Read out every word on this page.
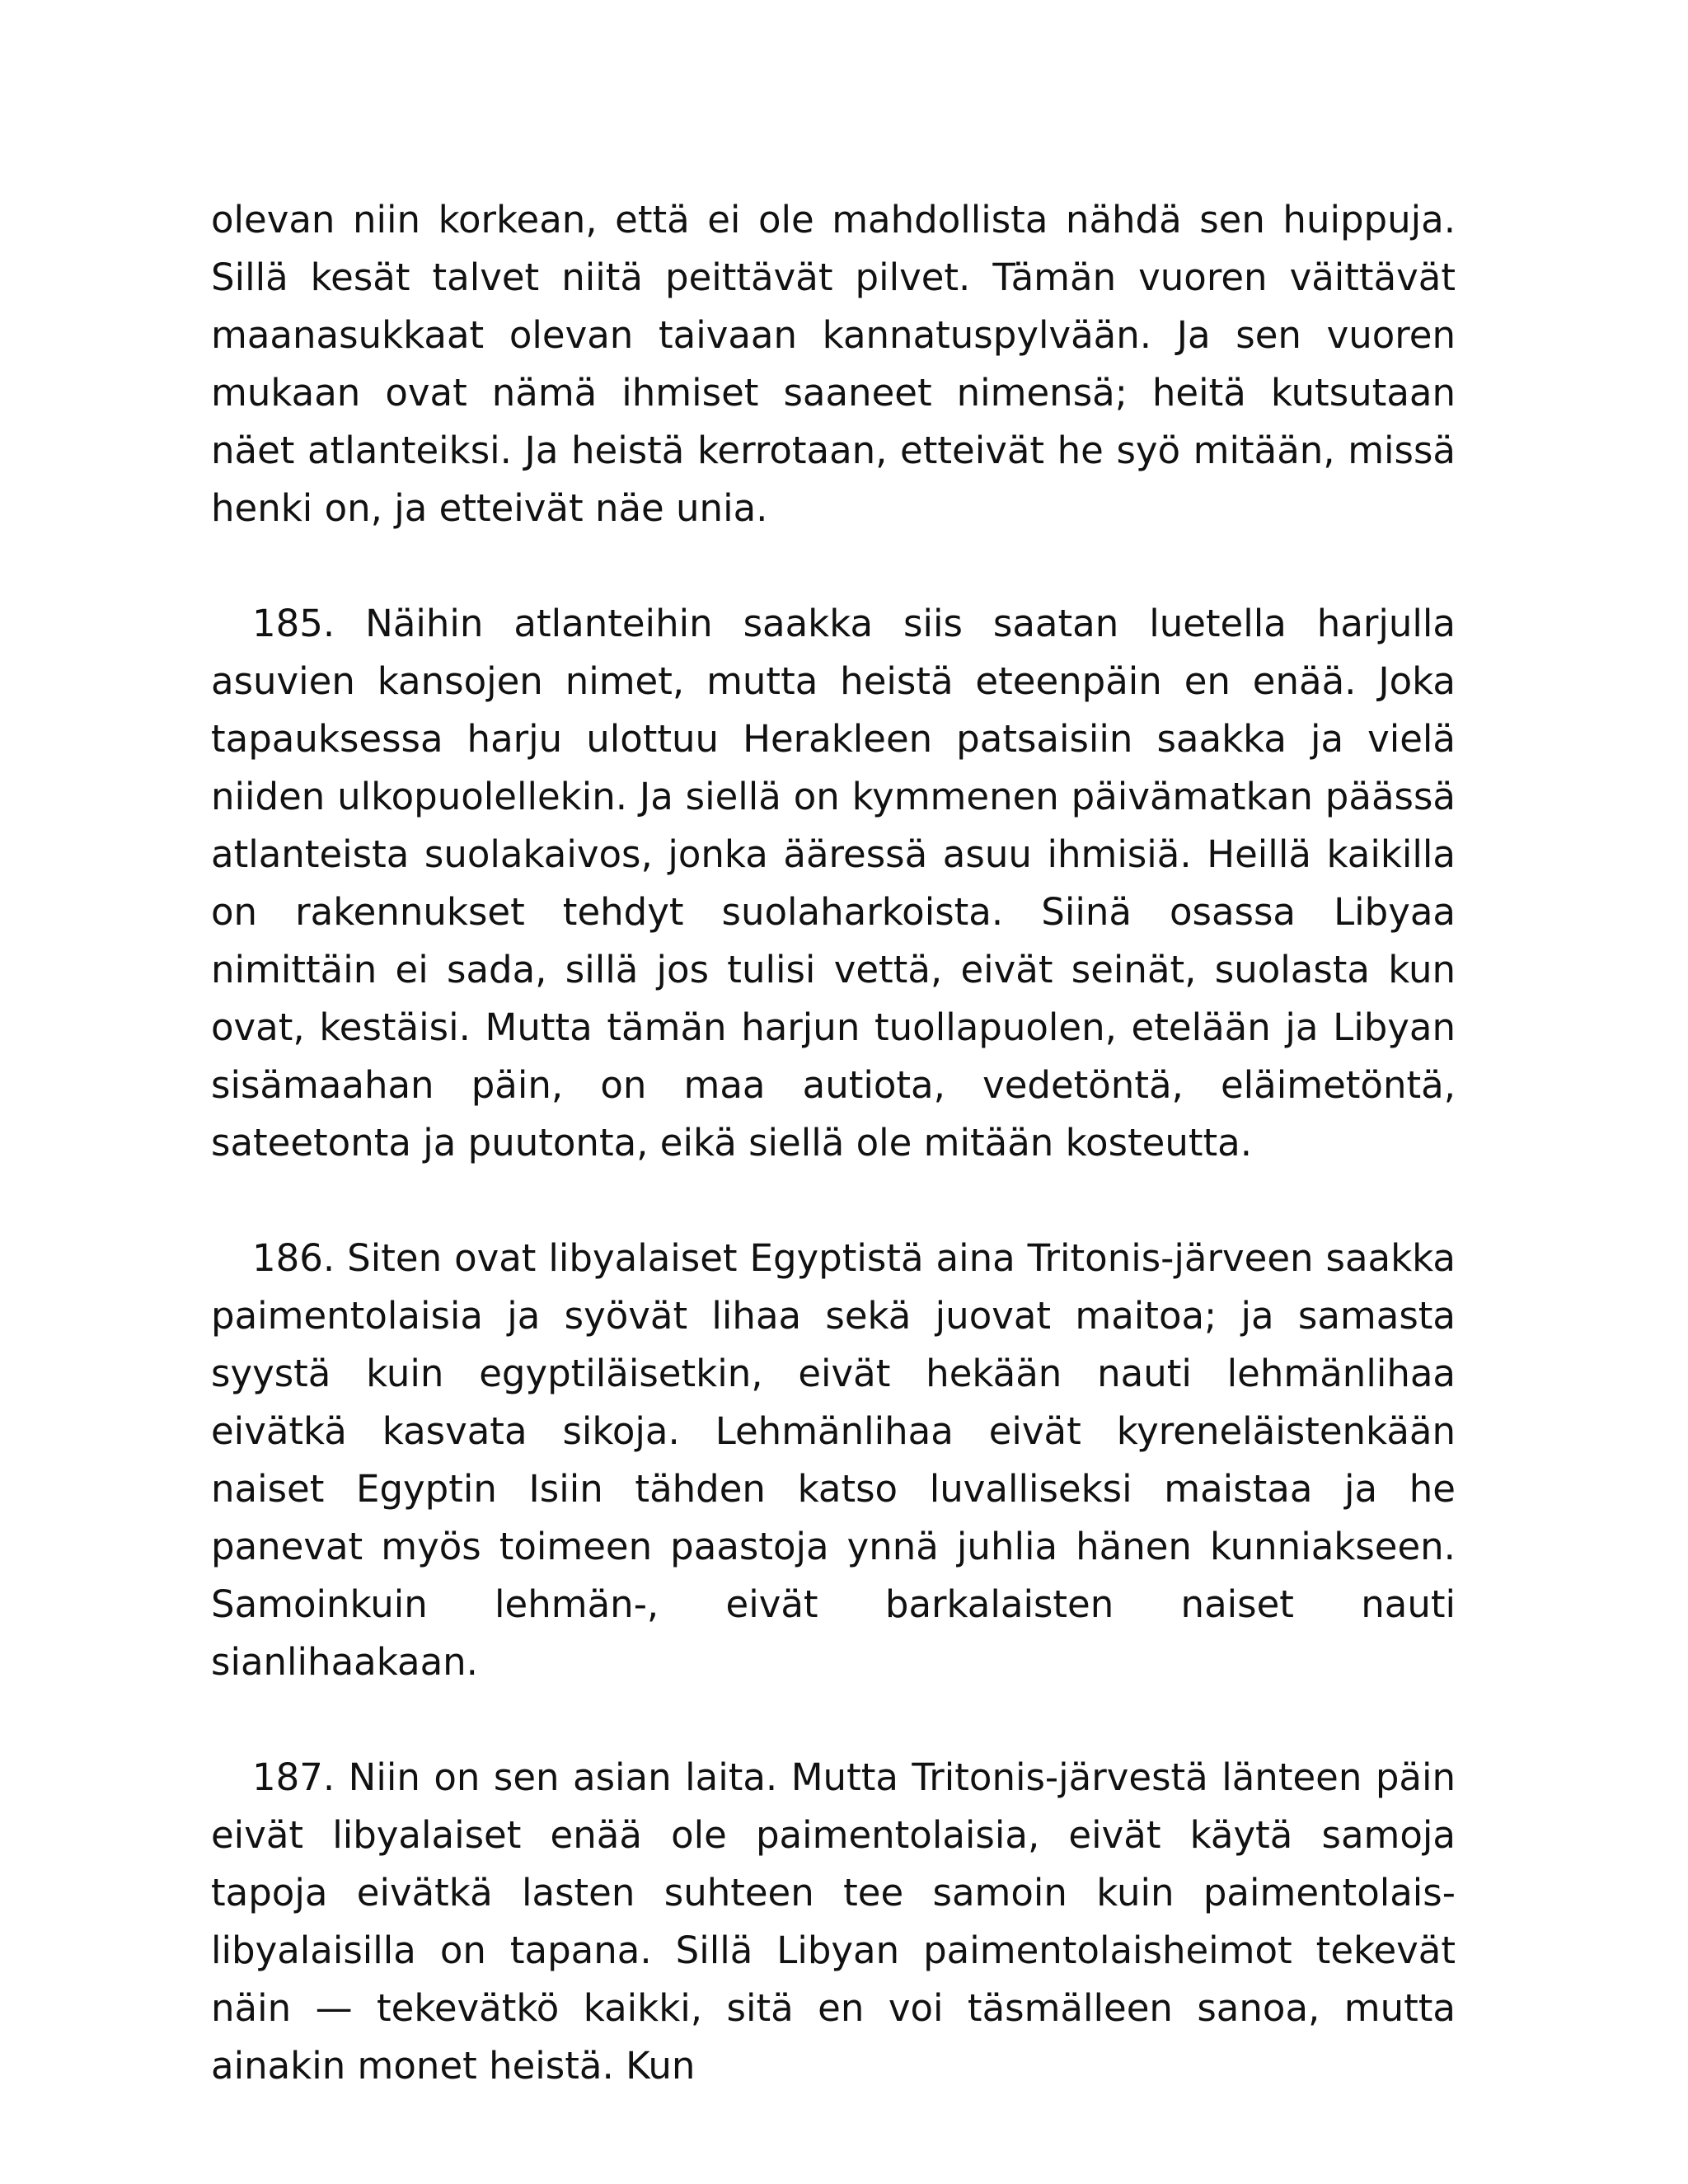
olevan niin korkean, että ei ole mahdollista nähdä sen huippuja. Sillä kesät talvet niitä peittävät pilvet. Tämän vuoren väittävät maanasukkaat olevan taivaan kannatuspylvään. Ja sen vuoren mukaan ovat nämä ihmiset saaneet nimensä; heitä kutsutaan näet atlanteiksi. Ja heistä kerrotaan, etteivät he syö mitään, missä henki on, ja etteivät näe unia.

185. Näihin atlanteihin saakka siis saatan luetella harjulla asuvien kansojen nimet, mutta heistä eteenpäin en enää. Joka tapauksessa harju ulottuu Herakleen patsaisiin saakka ja vielä niiden ulkopuolellekin. Ja siellä on kymmenen päivämatkan päässä atlanteista suolakaivos, jonka ääressä asuu ihmisiä. Heillä kaikilla on rakennukset tehdyt suolaharkoista. Siinä osassa Libyaa nimittäin ei sada, sillä jos tulisi vettä, eivät seinät, suolasta kun ovat, kestäisi. Mutta tämän harjun tuollapuolen, etelään ja Libyan sisämaahan päin, on maa autiota, vedetöntä, eläimetöntä, sateetonta ja puutonta, eikä siellä ole mitään kosteutta.

186. Siten ovat libyalaiset Egyptistä aina Tritonis-järveen saakka paimentolaisia ja syövät lihaa sekä juovat maitoa; ja samasta syystä kuin egyptiläisetkin, eivät hekään nauti lehmänlihaa eivätkä kasvata sikoja. Lehmänlihaa eivät kyreneläistenkään naiset Egyptin Isiin tähden katso luvalliseksi maistaa ja he panevat myös toimeen paastoja ynnä juhlia hänen kunniakseen. Samoinkuin lehmän-, eivät barkalaisten naiset nauti sianlihaakaan.

187. Niin on sen asian laita. Mutta Tritonis-järvestä länteen päin eivät libyalaiset enää ole paimentolaisia, eivät käytä samoja tapoja eivätkä lasten suhteen tee samoin kuin paimentolais-libyalaisilla on tapana. Sillä Libyan paimentolaisheimot tekevät näin — tekevätkö kaikki, sitä en voi täsmälleen sanoa, mutta ainakin monet heistä. Kun
